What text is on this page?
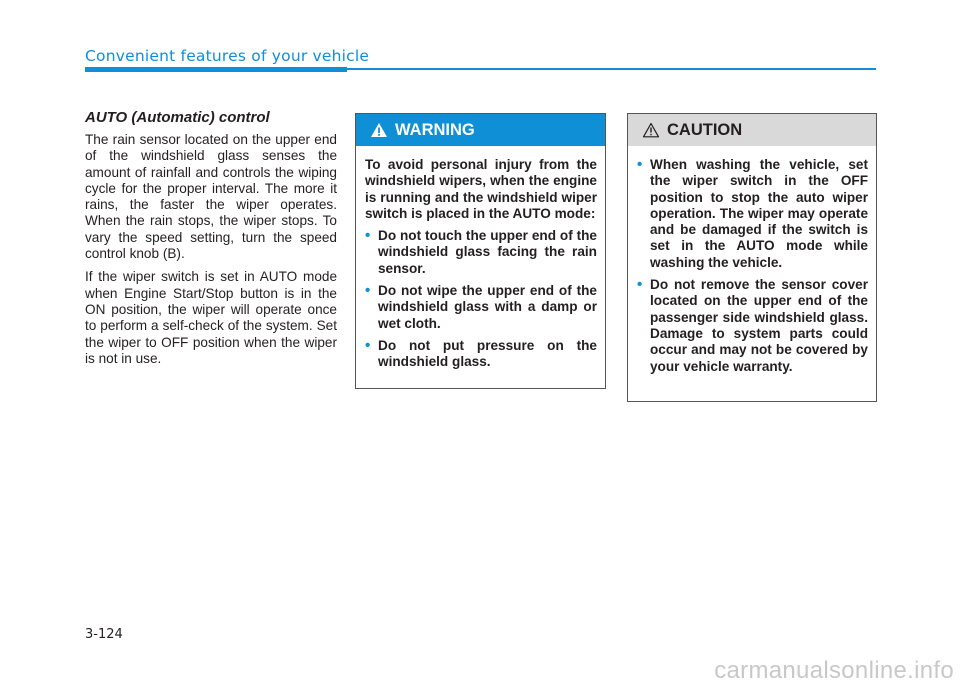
Convenient features of your vehicle
AUTO (Automatic) control

The rain sensor located on the upper end of the windshield glass senses the amount of rainfall and controls the wiping cycle for the proper interval. The more it rains, the faster the wiper operates. When the rain stops, the wiper stops. To vary the speed setting, turn the speed control knob (B).

If the wiper switch is set in AUTO mode when Engine Start/Stop button is in the ON position, the wiper will operate once to perform a self-check of the system. Set the wiper to OFF position when the wiper is not in use.

WARNING
To avoid personal injury from the windshield wipers, when the engine is running and the windshield wiper switch is placed in the AUTO mode:
• Do not touch the upper end of the windshield glass facing the rain sensor.
• Do not wipe the upper end of the windshield glass with a damp or wet cloth.
• Do not put pressure on the windshield glass.
CAUTION
• When washing the vehicle, set the wiper switch in the OFF position to stop the auto wiper operation. The wiper may operate and be damaged if the switch is set in the AUTO mode while washing the vehicle.
• Do not remove the sensor cover located on the upper end of the passenger side windshield glass. Damage to system parts could occur and may not be covered by your vehicle warranty.
3-124
carmanualsonline.info
